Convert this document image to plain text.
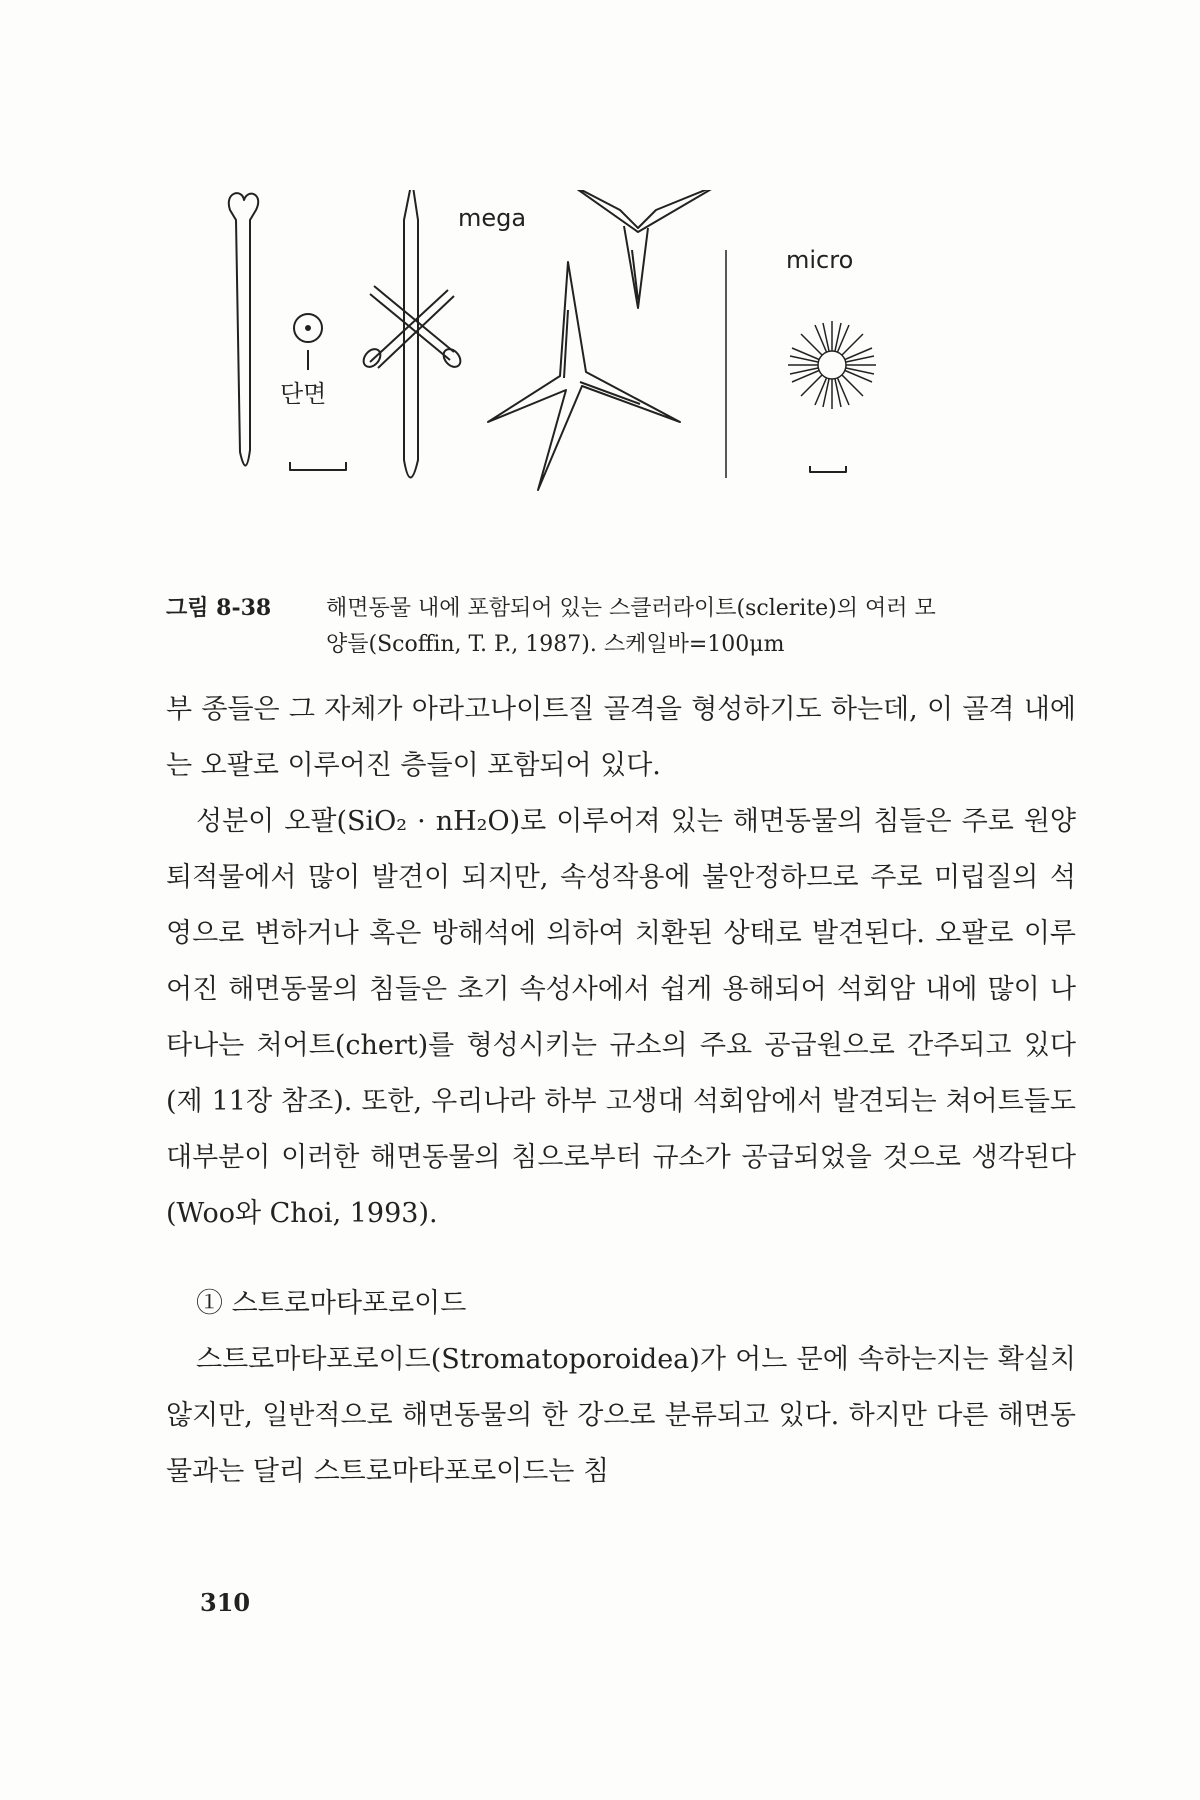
단면
mega
micro
그림 8-38 해면동물 내에 포함되어 있는 스클러라이트(sclerite)의 여러 모
양들(Scoffin, T. P., 1987). 스케일바=100μm

부 종들은 그 자체가 아라고나이트질 골격을 형성하기도 하는데, 이 골격 내에는 오팔로 이루어진 층들이 포함되어 있다.

성분이 오팔(SiO₂ · nH₂O)로 이루어져 있는 해면동물의 침들은 주로 원양퇴적물에서 많이 발견이 되지만, 속성작용에 불안정하므로 주로 미립질의 석영으로 변하거나 혹은 방해석에 의하여 치환된 상태로 발견된다. 오팔로 이루어진 해면동물의 침들은 초기 속성사에서 쉽게 용해되어 석회암 내에 많이 나타나는 처어트(chert)를 형성시키는 규소의 주요 공급원으로 간주되고 있다(제 11장 참조). 또한, 우리나라 하부 고생대 석회암에서 발견되는 쳐어트들도 대부분이 이러한 해면동물의 침으로부터 규소가 공급되었을 것으로 생각된다(Woo와 Choi, 1993).

① 스트로마타포로이드

스트로마타포로이드(Stromatoporoidea)가 어느 문에 속하는지는 확실치 않지만, 일반적으로 해면동물의 한 강으로 분류되고 있다. 하지만 다른 해면동물과는 달리 스트로마타포로이드는 침

310
